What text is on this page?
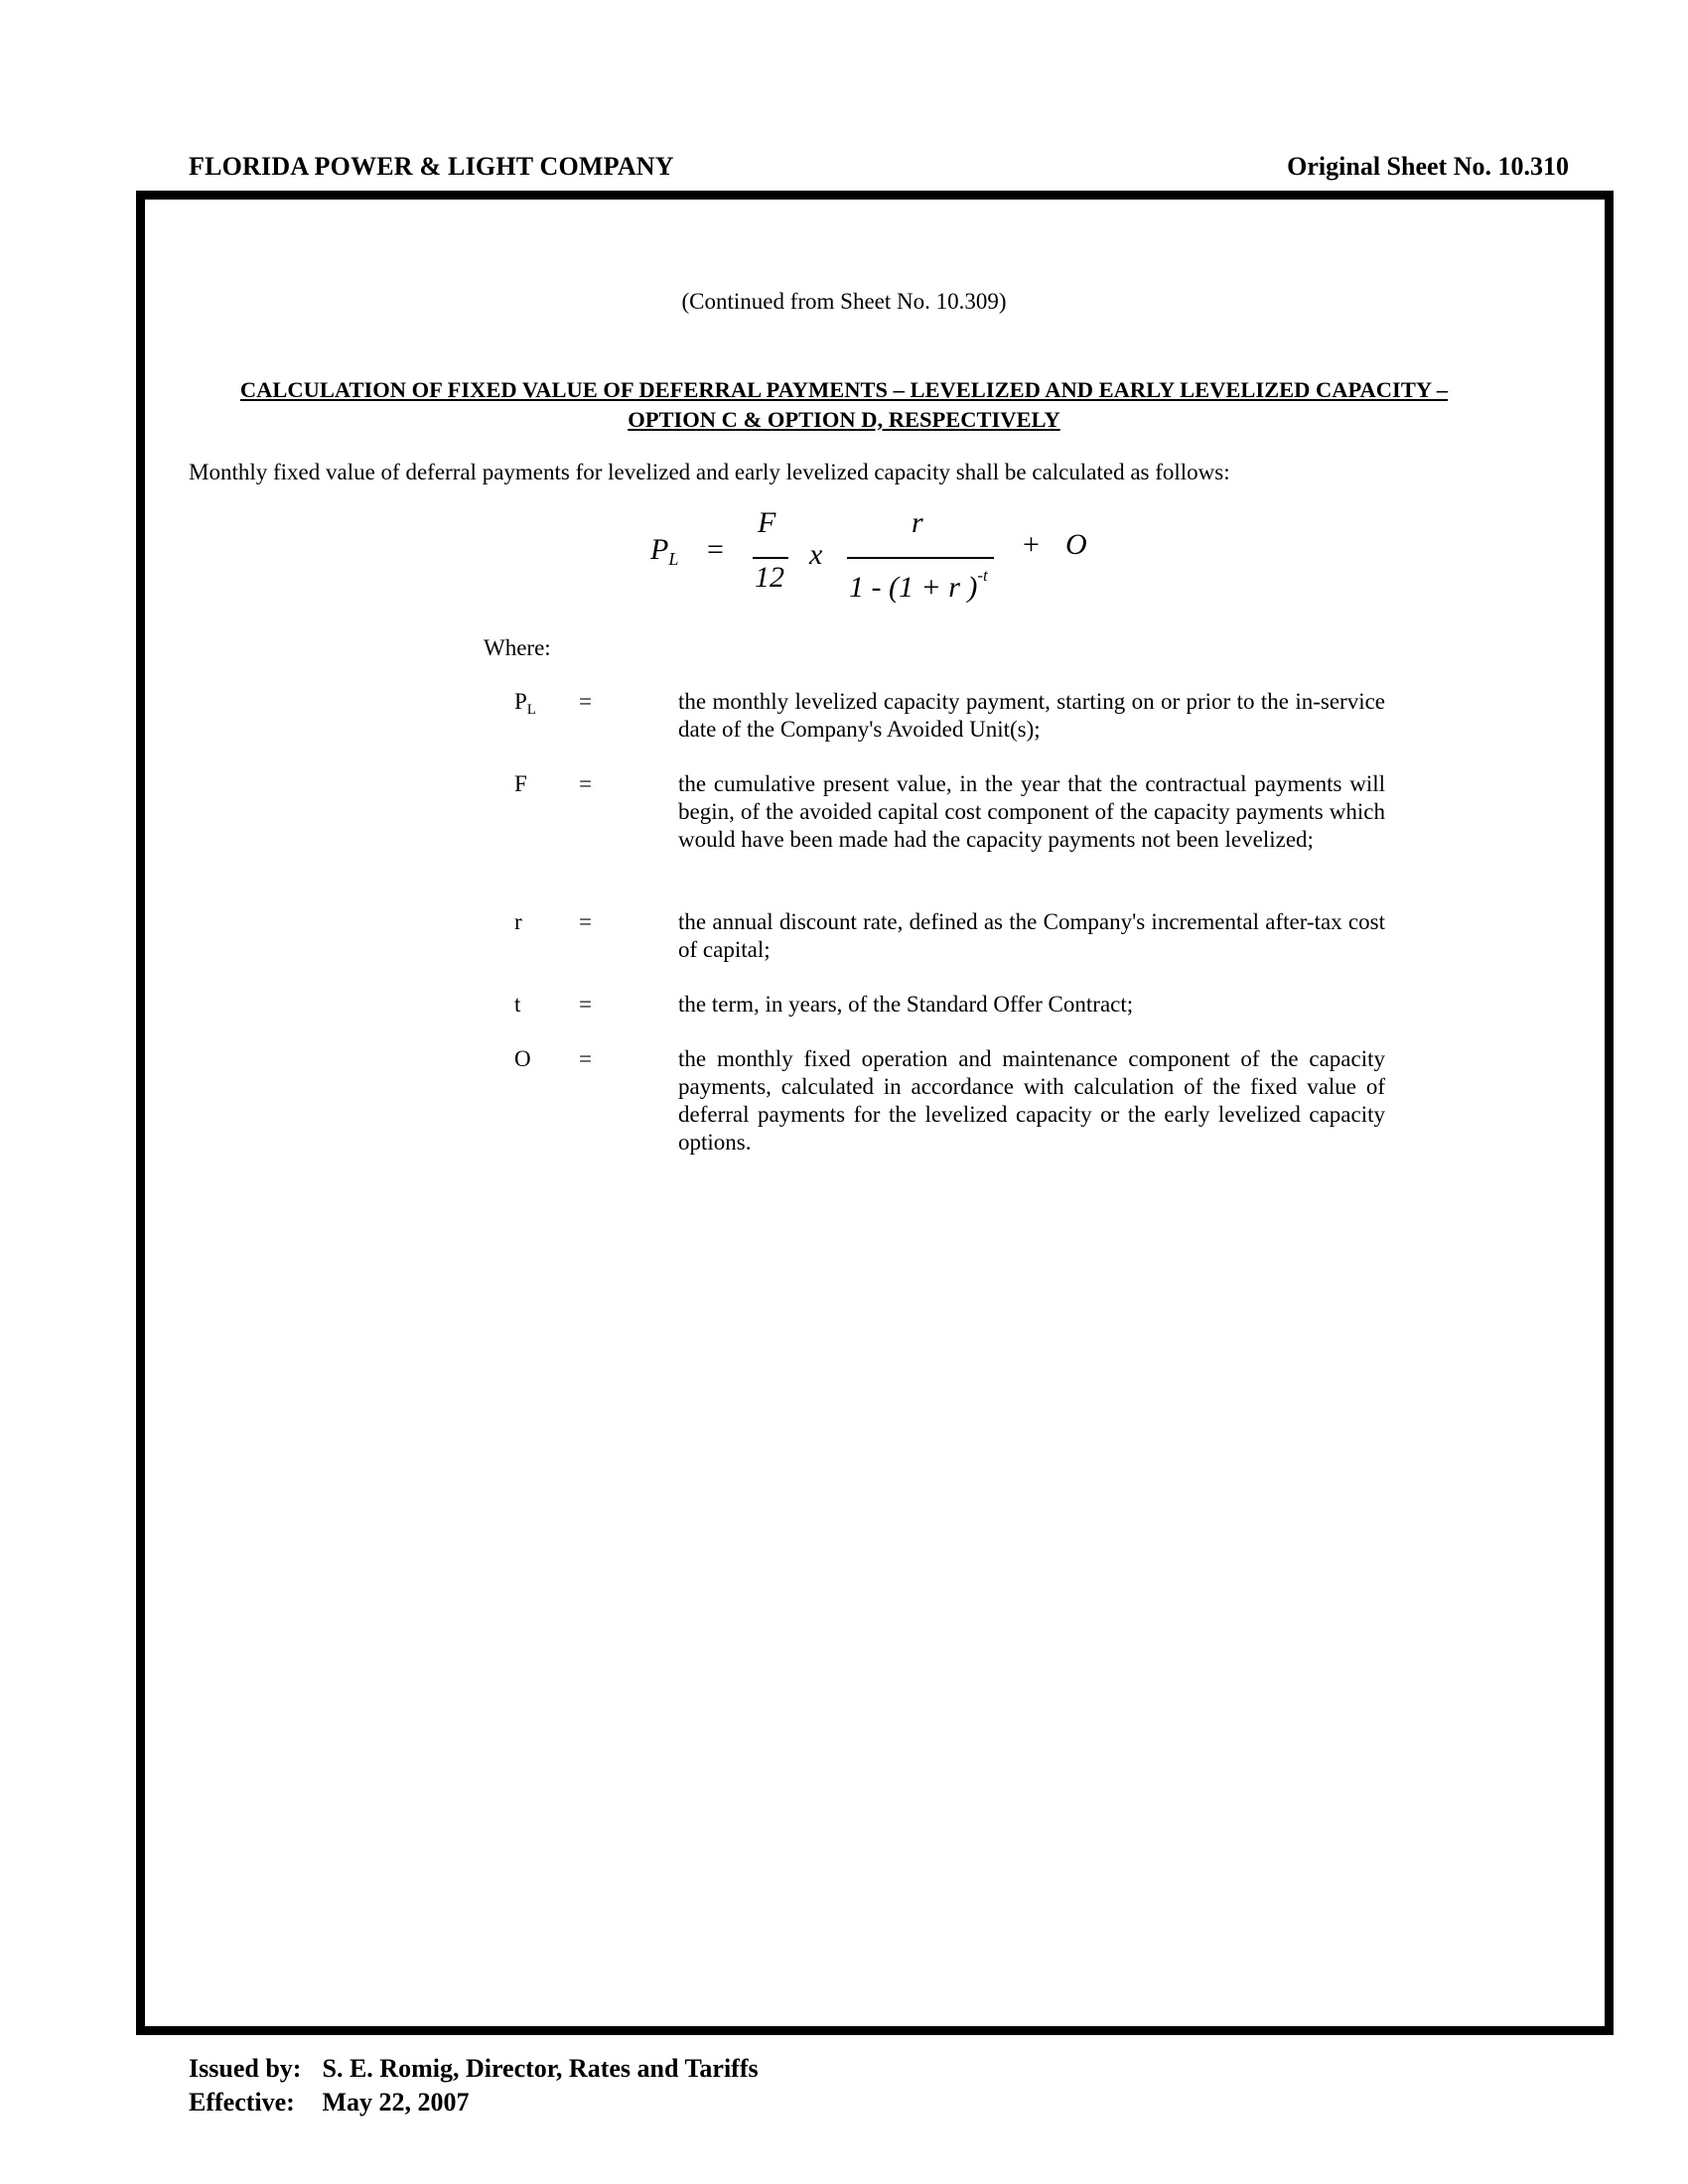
FLORIDA POWER & LIGHT COMPANY	Original Sheet No. 10.310
(Continued from Sheet No. 10.309)
CALCULATION OF FIXED VALUE OF DEFERRAL PAYMENTS – LEVELIZED AND EARLY LEVELIZED CAPACITY –
OPTION C & OPTION D, RESPECTIVELY
Monthly fixed value of deferral payments for levelized and early levelized capacity shall be calculated as follows:
$P_L$ =
F
12
x
r
1 - (1 + r )$^{-t}$
+ O
Where:
$P_L$ =	the monthly levelized capacity payment, starting on or prior to the in-service date of the Company's Avoided Unit(s);
F =	the cumulative present value, in the year that the contractual payments will begin, of the avoided capital cost component of the capacity payments which would have been made had the capacity payments not been levelized;
r =	the annual discount rate, defined as the Company's incremental after-tax cost of capital;
t	=	the term, in years, of the Standard Offer Contract;
O =	the monthly fixed operation and maintenance component of the capacity payments, calculated in accordance with calculation of the fixed value of deferral payments for the levelized capacity or the early levelized capacity options.
Issued by: S. E. Romig, Director, Rates and Tariffs
Effective: May 22, 2007
